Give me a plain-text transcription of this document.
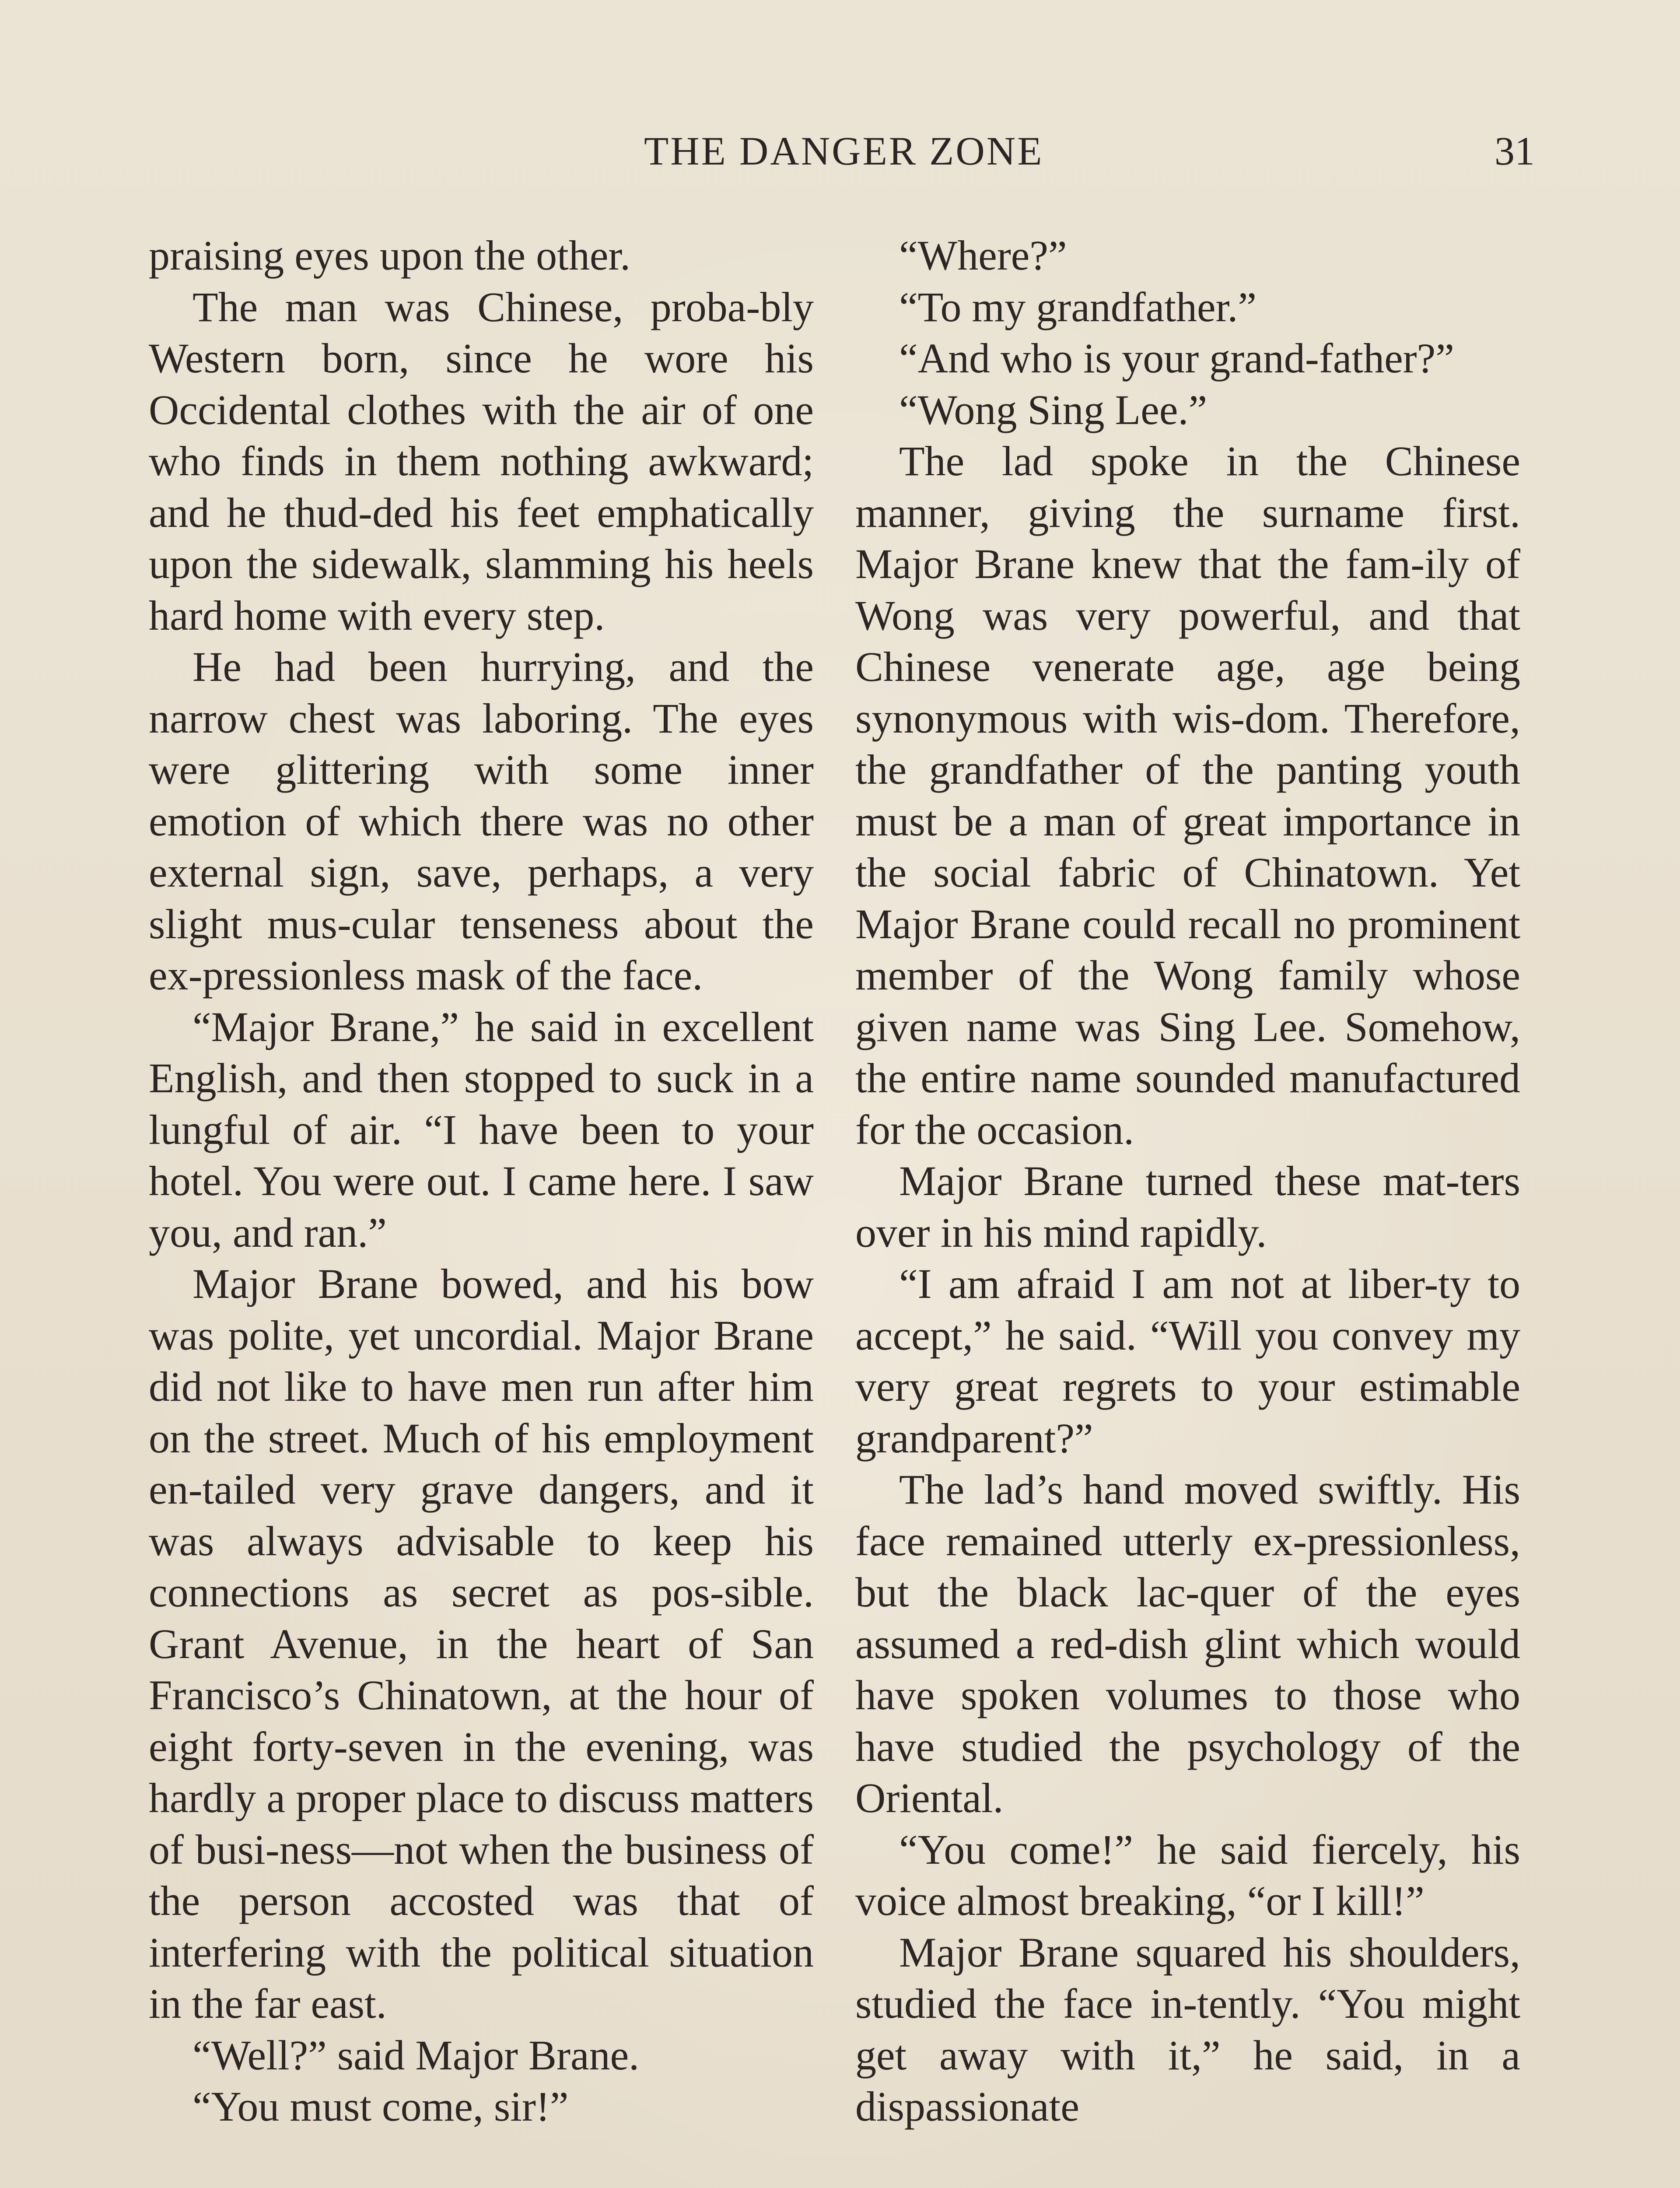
THE DANGER ZONE	31

praising eyes upon the other.

The man was Chinese, proba-bly Western born, since he wore his Occidental clothes with the air of one who finds in them nothing awkward; and he thud-ded his feet emphatically upon the sidewalk, slamming his heels hard home with every step.

He had been hurrying, and the narrow chest was laboring. The eyes were glittering with some inner emotion of which there was no other external sign, save, perhaps, a very slight mus-cular tenseness about the ex-pressionless mask of the face.

“Major Brane,” he said in excellent English, and then stopped to suck in a lungful of air. “I have been to your hotel. You were out. I came here. I saw you, and ran.”

Major Brane bowed, and his bow was polite, yet uncordial. Major Brane did not like to have men run after him on the street. Much of his employment en-tailed very grave dangers, and it was always advisable to keep his connections as secret as pos-sible. Grant Avenue, in the heart of San Francisco’s Chinatown, at the hour of eight forty-seven in the evening, was hardly a proper place to discuss matters of busi-ness—not when the business of the person accosted was that of interfering with the political situation in the far east.

“Well?” said Major Brane.

“You must come, sir!”

“Where?”

“To my grandfather.”

“And who is your grand-father?”

“Wong Sing Lee.”

The lad spoke in the Chinese manner, giving the surname first. Major Brane knew that the fam-ily of Wong was very powerful, and that Chinese venerate age, age being synonymous with wis-dom. Therefore, the grandfather of the panting youth must be a man of great importance in the social fabric of Chinatown. Yet Major Brane could recall no prominent member of the Wong family whose given name was Sing Lee. Somehow, the entire name sounded manufactured for the occasion.

Major Brane turned these mat-ters over in his mind rapidly.

“I am afraid I am not at liber-ty to accept,” he said. “Will you convey my very great regrets to your estimable grandparent?”

The lad’s hand moved swiftly. His face remained utterly ex-pressionless, but the black lac-quer of the eyes assumed a red-dish glint which would have spoken volumes to those who have studied the psychology of the Oriental.

“You come!” he said fiercely, his voice almost breaking, “or I kill!”

Major Brane squared his shoulders, studied the face in-tently. “You might get away with it,” he said, in a dispassionate
